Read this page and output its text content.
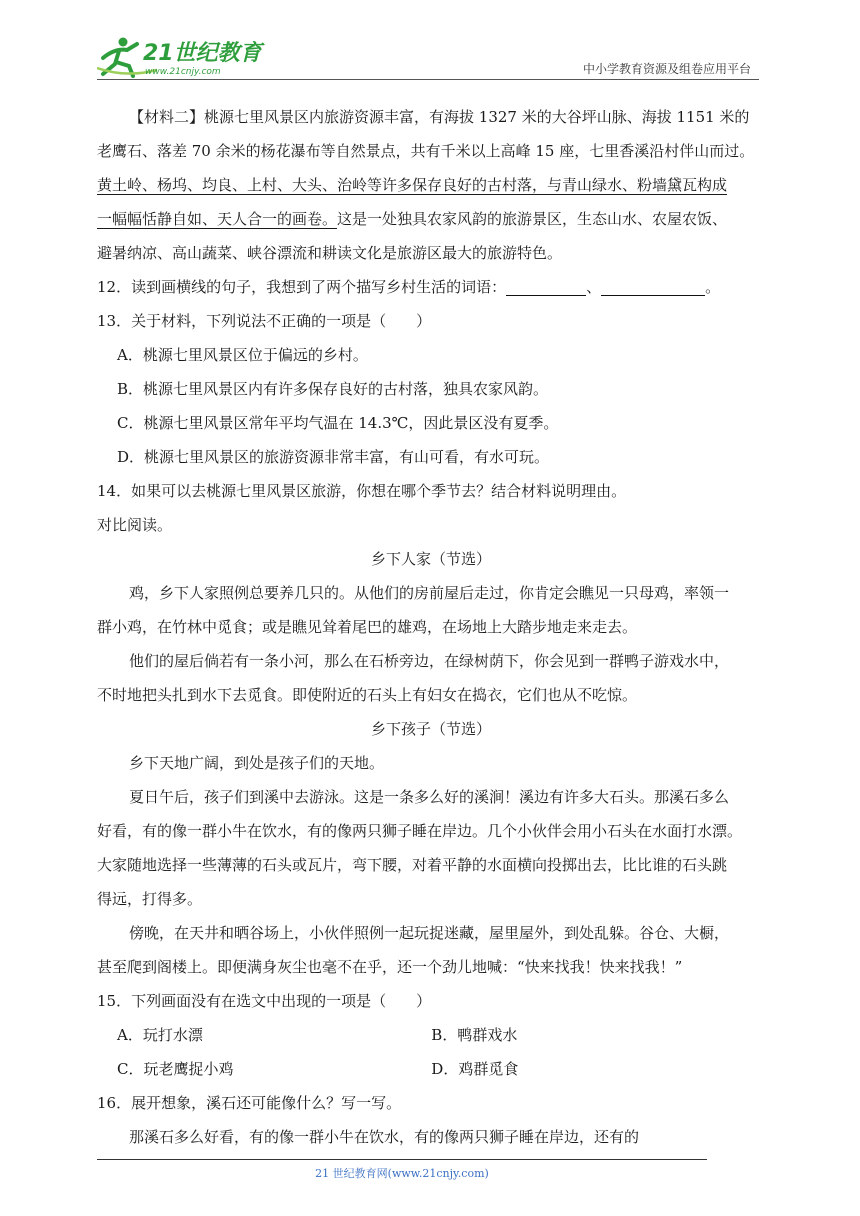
21世纪教育
www.21cnjy.com	中小学教育资源及组卷应用平台

【材料二】桃源七里风景区内旅游资源丰富，有海拔 1327 米的大谷坪山脉、海拔 1151 米的

老鹰石、落差 70 余米的杨花瀑布等自然景点，共有千米以上高峰 15 座，七里香溪沿村伴山而过。

黄土岭、杨坞、均良、上村、大头、治岭等许多保存良好的古村落，与青山绿水、粉墙黛瓦构成

一幅幅恬静自如、天人合一的画卷。这是一处独具农家风韵的旅游景区，生态山水、农屋农饭、

避暑纳凉、高山蔬菜、峡谷漂流和耕读文化是旅游区最大的旅游特色。

12．读到画横线的句子，我想到了两个描写乡村生活的词语：	、	。

13．关于材料，下列说法不正确的一项是（　　）

A．桃源七里风景区位于偏远的乡村。

B．桃源七里风景区内有许多保存良好的古村落，独具农家风韵。

C．桃源七里风景区常年平均气温在 14.3℃，因此景区没有夏季。

D．桃源七里风景区的旅游资源非常丰富，有山可看，有水可玩。

14．如果可以去桃源七里风景区旅游，你想在哪个季节去？结合材料说明理由。

对比阅读。

乡下人家（节选）

鸡，乡下人家照例总要养几只的。从他们的房前屋后走过，你肯定会瞧见一只母鸡，率领一

群小鸡，在竹林中觅食；或是瞧见耸着尾巴的雄鸡，在场地上大踏步地走来走去。

他们的屋后倘若有一条小河，那么在石桥旁边，在绿树荫下，你会见到一群鸭子游戏水中，

不时地把头扎到水下去觅食。即使附近的石头上有妇女在捣衣，它们也从不吃惊。

乡下孩子（节选）

乡下天地广阔，到处是孩子们的天地。

夏日午后，孩子们到溪中去游泳。这是一条多么好的溪涧！溪边有许多大石头。那溪石多么

好看，有的像一群小牛在饮水，有的像两只狮子睡在岸边。几个小伙伴会用小石头在水面打水漂。

大家随地选择一些薄薄的石头或瓦片，弯下腰，对着平静的水面横向投掷出去，比比谁的石头跳

得远，打得多。

傍晚，在天井和晒谷场上，小伙伴照例一起玩捉迷藏，屋里屋外，到处乱躲。谷仓、大橱，

甚至爬到阁楼上。即便满身灰尘也毫不在乎，还一个劲儿地喊：“快来找我！快来找我！”

15．下列画面没有在选文中出现的一项是（　　）

A．玩打水漂	B．鸭群戏水
C．玩老鹰捉小鸡	D．鸡群觅食

16．展开想象，溪石还可能像什么？写一写。

那溪石多么好看，有的像一群小牛在饮水，有的像两只狮子睡在岸边，还有的

21 世纪教育网(www.21cnjy.com)
